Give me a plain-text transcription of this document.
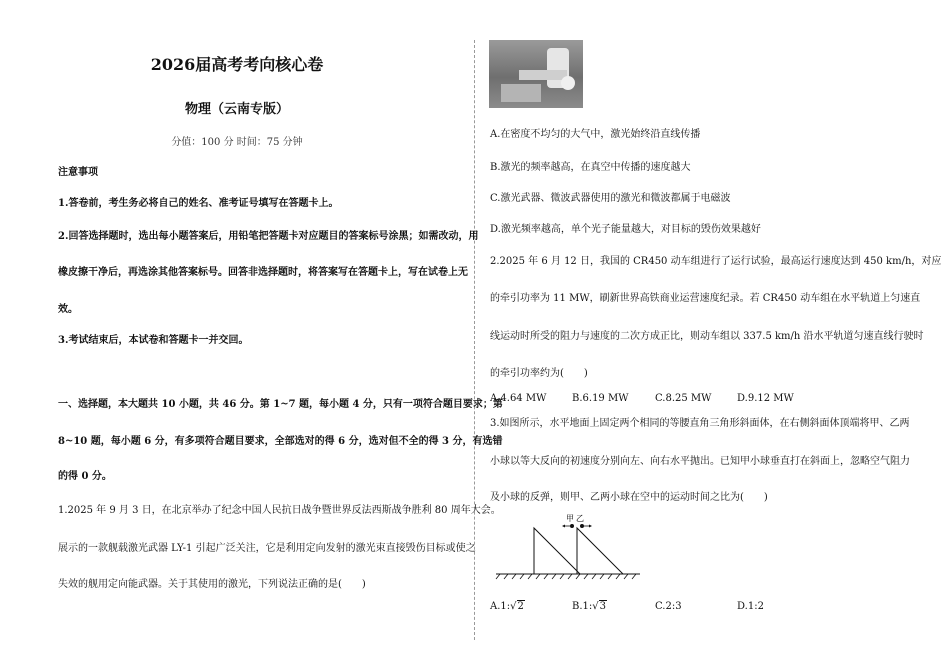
2026届高考考向核心卷
物理（云南专版）
分值：100 分 时间：75 分钟
注意事项
1.答卷前，考生务必将自己的姓名、准考证号填写在答题卡上。
2.回答选择题时，选出每小题答案后，用铅笔把答题卡对应题目的答案标号涂黑；如需改动，用
橡皮擦干净后，再选涂其他答案标号。回答非选择题时，将答案写在答题卡上，写在试卷上无
效。
3.考试结束后，本试卷和答题卡一并交回。
一、选择题，本大题共 10 小题，共 46 分。第 1~7 题，每小题 4 分，只有一项符合题目要求；第
8~10 题，每小题 6 分，有多项符合题目要求，全部选对的得 6 分，选对但不全的得 3 分，有选错
的得 0 分。
1.2025 年 9 月 3 日，在北京举办了纪念中国人民抗日战争暨世界反法西斯战争胜利 80 周年大会。
展示的一款舰载激光武器 LY-1 引起广泛关注，它是利用定向发射的激光束直接毁伤目标或使之
失效的舰用定向能武器。关于其使用的激光，下列说法正确的是(　　)
A.在密度不均匀的大气中，激光始终沿直线传播
B.激光的频率越高，在真空中传播的速度越大
C.激光武器、微波武器使用的激光和微波都属于电磁波
D.激光频率越高，单个光子能量越大，对目标的毁伤效果越好
2.2025 年 6 月 12 日，我国的 CR450 动车组进行了运行试验，最高运行速度达到 450 km/h，对应
的牵引功率为 11 MW，刷新世界高铁商业运营速度纪录。若 CR450 动车组在水平轨道上匀速直
线运动时所受的阻力与速度的二次方成正比，则动车组以 337.5 km/h 沿水平轨道匀速直线行驶时
的牵引功率约为(　　)
A.4.64 MW	B.6.19 MW	C.8.25 MW	D.9.12 MW
3.如图所示，水平地面上固定两个相同的等腰直角三角形斜面体，在右侧斜面体顶端将甲、乙两
小球以等大反向的初速度分别向左、向右水平抛出。已知甲小球垂直打在斜面上，忽略空气阻力
及小球的反弹，则甲、乙两小球在空中的运动时间之比为(　　)
甲 乙
A.1:√2	B.1:√3	C.2:3	D.1:2
